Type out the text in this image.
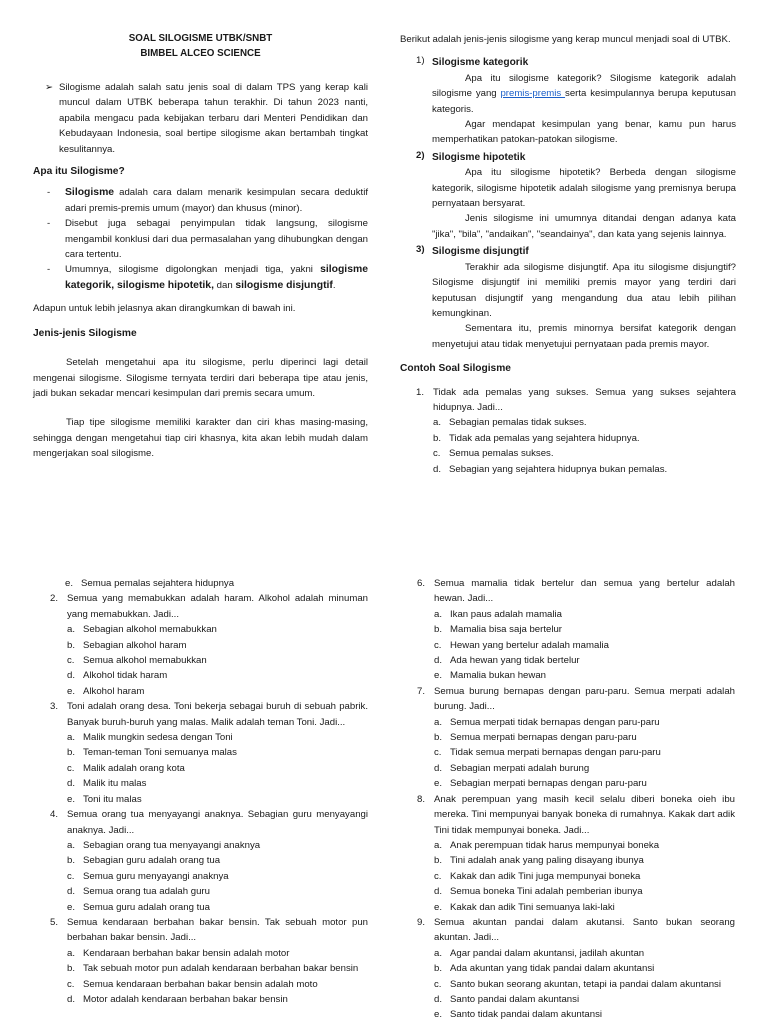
SOAL SILOGISME UTBK/SNBT
BIMBEL ALCEO SCIENCE
➢ Silogisme adalah salah satu jenis soal di dalam TPS yang kerap kali muncul dalam UTBK beberapa tahun terakhir. Di tahun 2023 nanti, apabila mengacu pada kebijakan terbaru dari Menteri Pendidikan dan Kebudayaan Indonesia, soal bertipe silogisme akan bertambah tingkat kesulitannya.

Apa itu Silogisme?
-	Silogisme adalah cara dalam menarik kesimpulan secara deduktif adari premis-premis umum (mayor) dan khusus (minor).

-	Disebut juga sebagai penyimpulan tidak langsung, silogisme mengambil konklusi dari dua permasalahan yang dihubungkan dengan cara tertentu.

-	Umumnya, silogisme digolongkan menjadi tiga, yakni silogisme kategorik, silogisme hipotetik, dan silogisme disjungtif.

Adapun untuk lebih jelasnya akan dirangkumkan di bawah ini.

Jenis-jenis Silogisme

Setelah mengetahui apa itu silogisme, perlu diperinci lagi detail mengenai silogisme. Silogisme ternyata terdiri dari beberapa tipe atau jenis, jadi bukan sekadar mencari kesimpulan dari premis secara umum.

Tiap tipe silogisme memiliki karakter dan ciri khas masing-masing, sehingga dengan mengetahui tiap ciri khasnya, kita akan lebih mudah dalam mengerjakan soal silogisme.

Berikut adalah jenis-jenis silogisme yang kerap muncul menjadi soal di UTBK.

1) Silogisme kategorik

Apa itu silogisme kategorik? Silogisme kategorik adalah silogisme yang premis-premis serta kesimpulannya berupa keputusan kategoris.

Agar mendapat kesimpulan yang benar, kamu pun harus memperhatikan patokan-patokan silogisme.

2) Silogisme hipotetik

Apa itu silogisme hipotetik? Berbeda dengan silogisme kategorik, silogisme hipotetik adalah silogisme yang premisnya berupa pernyataan bersyarat.

Jenis silogisme ini umumnya ditandai dengan adanya kata "jika", "bila", "andaikan", "seandainya", dan kata yang sejenis lainnya.

3) Silogisme disjungtif

Terakhir ada silogisme disjungtif. Apa itu silogisme disjungtif? Silogisme disjungtif ini memiliki premis mayor yang terdiri dari keputusan disjungtif yang mengandung dua atau lebih pilihan kemungkinan.

Sementara itu, premis minornya bersifat kategorik dengan menyetujui atau tidak menyetujui pernyataan pada premis mayor.

Contoh Soal Silogisme
1. Tidak ada pemalas yang sukses. Semua yang sukses sejahtera hidupnya. Jadi...

a. Sebagian pemalas tidak sukses.
b. Tidak ada pemalas yang sejahtera hidupnya.
c. Semua pemalas sukses.
d. Sebagian yang sejahtera hidupnya bukan pemalas.
e. Semua pemalas sejahtera hidupnya
2. Semua yang memabukkan adalah haram. Alkohol adalah minuman yang memabukkan. Jadi...

a. Sebagian alkohol memabukkan
b. Sebagian alkohol haram
c. Semua alkohol memabukkan
d. Alkohol tidak haram
e. Alkohol haram
3. Toni adalah orang desa. Toni bekerja sebagai buruh di sebuah pabrik. Banyak buruh-buruh yang malas. Malik adalah teman Toni. Jadi...

a. Malik mungkin sedesa dengan Toni
b. Teman-teman Toni semuanya malas
c. Malik adalah orang kota
d. Malik itu malas
e. Toni itu malas
4. Semua orang tua menyayangi anaknya. Sebagian guru menyayangi anaknya. Jadi...

a. Sebagian orang tua menyayangi anaknya
b. Sebagian guru adalah orang tua
c. Semua guru menyayangi anaknya
d. Semua orang tua adalah guru
e. Semua guru adalah orang tua
5. Semua kendaraan berbahan bakar bensin. Tak sebuah motor pun berbahan bakar bensin. Jadi...

a. Kendaraan berbahan bakar bensin adalah motor
b. Tak sebuah motor pun adalah kendaraan berbahan bakar bensin
c. Semua kendaraan berbahan bakar bensin adalah moto
d. Motor adalah kendaraan berbahan bakar bensin
6. Semua mamalia tidak bertelur dan semua yang bertelur adalah hewan. Jadi...

a. Ikan paus adalah mamalia
b. Mamalia bisa saja bertelur
c. Hewan yang bertelur adalah mamalia
d. Ada hewan yang tidak bertelur
e. Mamalia bukan hewan
7. Semua burung bernapas dengan paru-paru. Semua merpati adalah burung. Jadi...

a. Semua merpati tidak bernapas dengan paru-paru
b. Semua merpati bernapas dengan paru-paru
c. Tidak semua merpati bernapas dengan paru-paru
d. Sebagian merpati adalah burung
e. Sebagian merpati bernapas dengan paru-paru
8. Anak perempuan yang masih kecil selalu diberi boneka oieh ibu mereka. Tini mempunyai banyak boneka di rumahnya. Kakak dart adik Tini tidak mempunyai boneka. Jadi...

a. Anak perempuan tidak harus mempunyai boneka
b. Tini adalah anak yang paling disayang ibunya
c. Kakak dan adik Tini juga mempunyai boneka
d. Semua boneka Tini adalah pemberian ibunya
e. Kakak dan adik Tini semuanya laki-laki
9. Semua akuntan pandai dalam akutansi. Santo bukan seorang akuntan. Jadi...

a. Agar pandai dalam akuntansi, jadilah akuntan
b. Ada akuntan yang tidak pandai dalam akuntansi
c. Santo bukan seorang akuntan, tetapi ia pandai dalam akuntansi
d. Santo pandai dalam akuntansi
e. Santo tidak pandai dalam akuntansi
